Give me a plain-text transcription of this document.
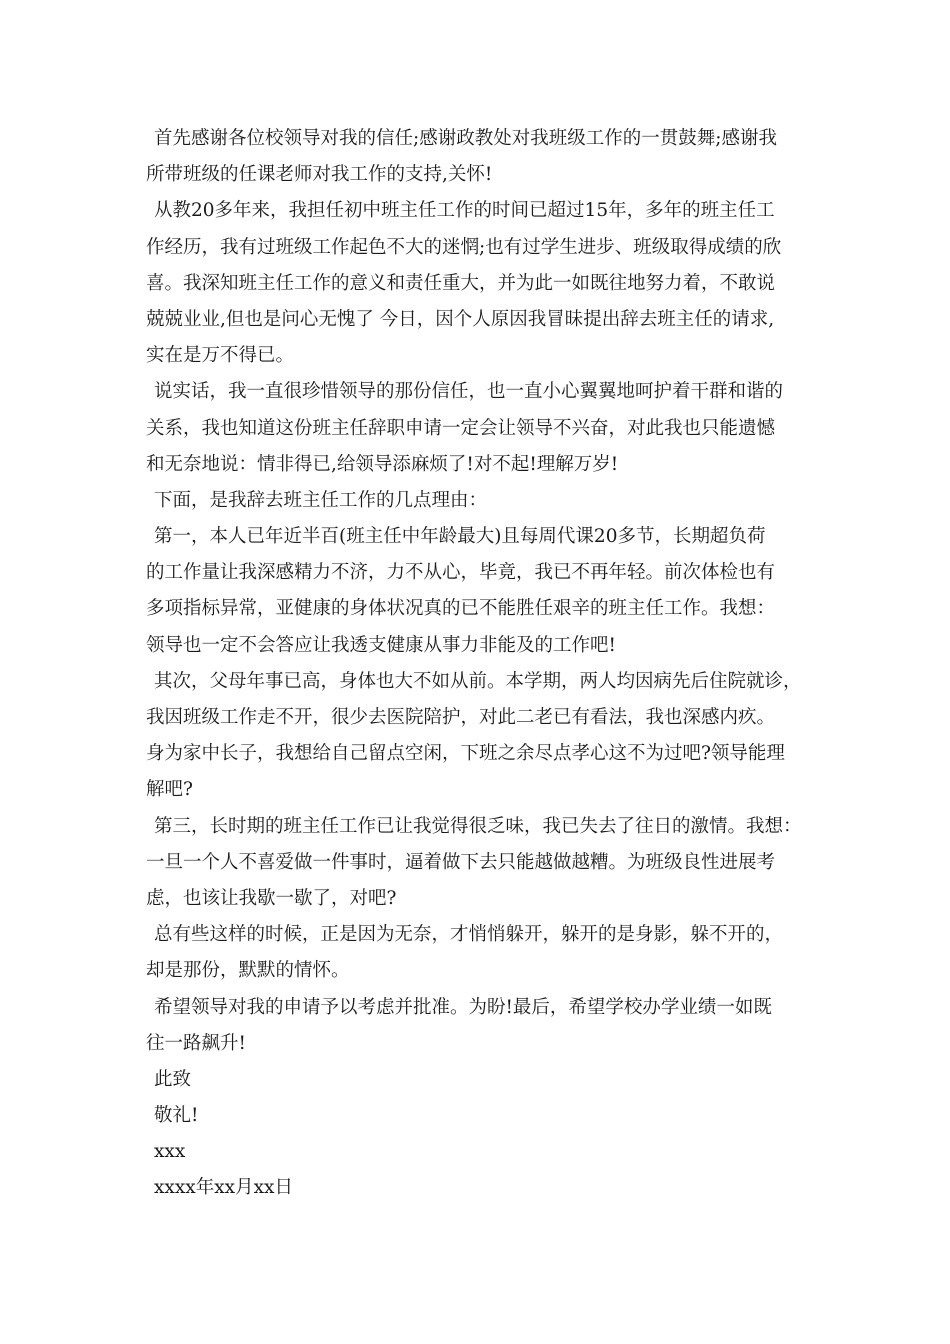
首先感谢各位校领导对我的信任;感谢政教处对我班级工作的一贯鼓舞;感谢我
所带班级的任课老师对我工作的支持,关怀!
从教20多年来，我担任初中班主任工作的时间已超过15年，多年的班主任工
作经历，我有过班级工作起色不大的迷惘;也有过学生进步、班级取得成绩的欣
喜。我深知班主任工作的意义和责任重大，并为此一如既往地努力着，不敢说
兢兢业业,但也是问心无愧了 今日，因个人原因我冒昧提出辞去班主任的请求,
实在是万不得已。
说实话，我一直很珍惜领导的那份信任，也一直小心翼翼地呵护着干群和谐的
关系，我也知道这份班主任辞职申请一定会让领导不兴奋，对此我也只能遗憾
和无奈地说：情非得已,给领导添麻烦了!对不起!理解万岁!
下面，是我辞去班主任工作的几点理由：
第一，本人已年近半百(班主任中年龄最大)且每周代课20多节，长期超负荷
的工作量让我深感精力不济，力不从心，毕竟，我已不再年轻。前次体检也有
多项指标异常，亚健康的身体状况真的已不能胜任艰辛的班主任工作。我想：
领导也一定不会答应让我透支健康从事力非能及的工作吧!
其次，父母年事已高，身体也大不如从前。本学期，两人均因病先后住院就诊，
我因班级工作走不开，很少去医院陪护，对此二老已有看法，我也深感内疚。
身为家中长子，我想给自己留点空闲，下班之余尽点孝心这不为过吧?领导能理
解吧?
第三，长时期的班主任工作已让我觉得很乏味，我已失去了往日的激情。我想：
一旦一个人不喜爱做一件事时，逼着做下去只能越做越糟。为班级良性进展考
虑，也该让我歇一歇了，对吧?
总有些这样的时候，正是因为无奈，才悄悄躲开，躲开的是身影，躲不开的，
却是那份，默默的情怀。
希望领导对我的申请予以考虑并批准。为盼!最后，希望学校办学业绩一如既
往一路飙升!
此致
敬礼!
xxx
xxxx年xx月xx日
